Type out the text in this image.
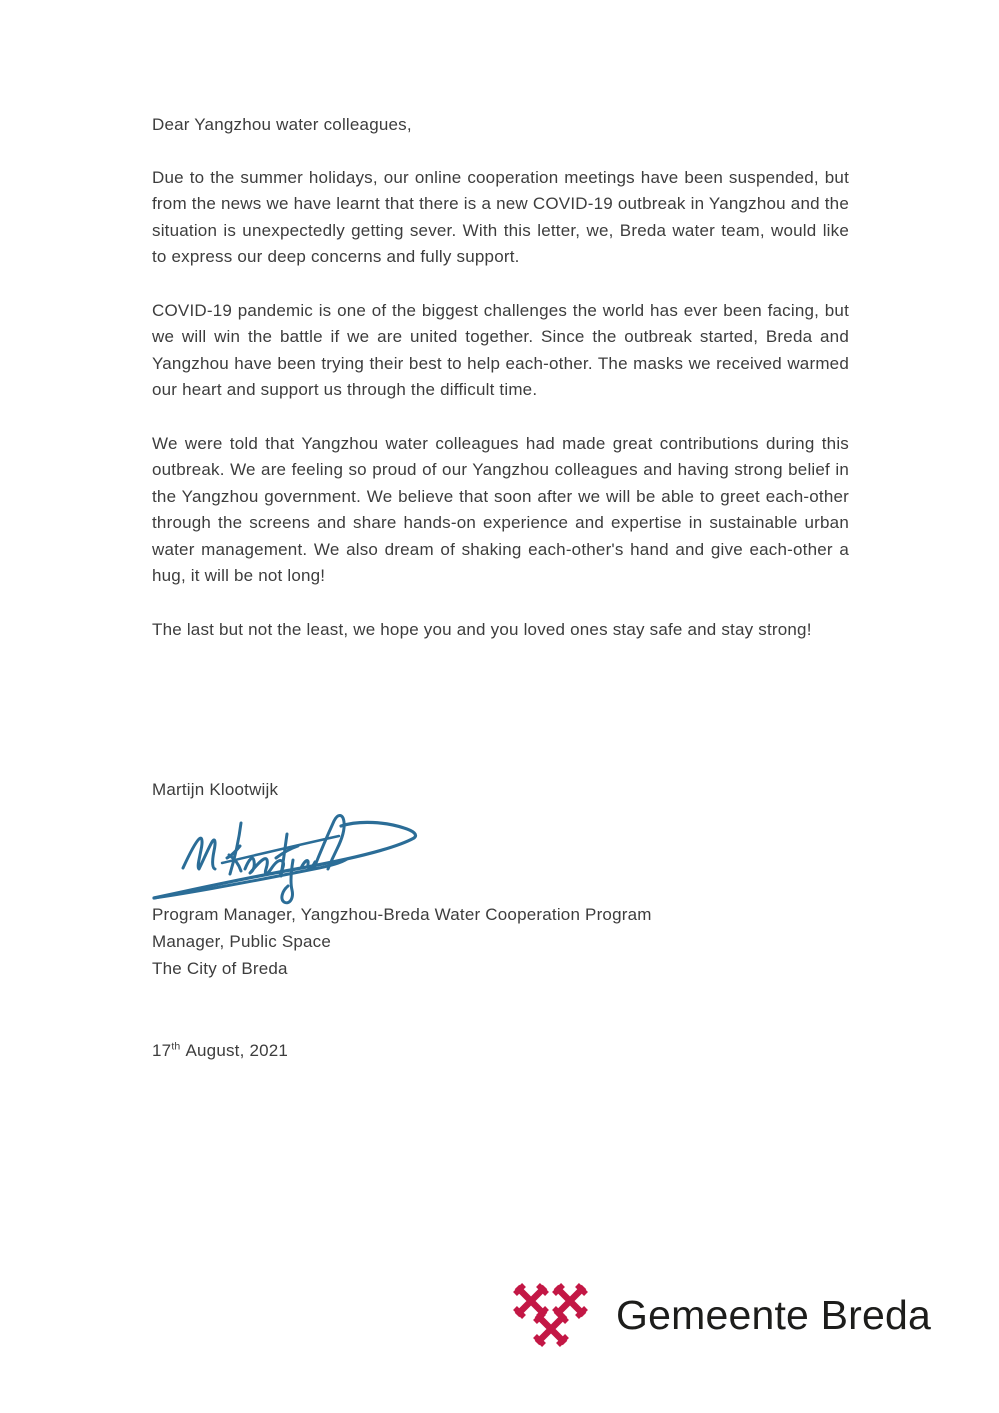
Dear Yangzhou water colleagues,

Due to the summer holidays, our online cooperation meetings have been suspended, but from the news we have learnt that there is a new COVID-19 outbreak in Yangzhou and the situation is unexpectedly getting sever. With this letter, we, Breda water team, would like to express our deep concerns and fully support.

COVID-19 pandemic is one of the biggest challenges the world has ever been facing, but we will win the battle if we are united together. Since the outbreak started, Breda and Yangzhou have been trying their best to help each-other. The masks we received warmed our heart and support us through the difficult time.

We were told that Yangzhou water colleagues had made great contributions during this outbreak. We are feeling so proud of our Yangzhou colleagues and having strong belief in the Yangzhou government. We believe that soon after we will be able to greet each-other through the screens and share hands-on experience and expertise in sustainable urban water management. We also dream of shaking each-other's hand and give each-other a hug, it will be not long!

The last but not the least, we hope you and you loved ones stay safe and stay strong!

Martijn Klootwijk
Program Manager, Yangzhou-Breda Water Cooperation Program
Manager, Public Space
The City of Breda
17th August, 2021
Gemeente Breda
